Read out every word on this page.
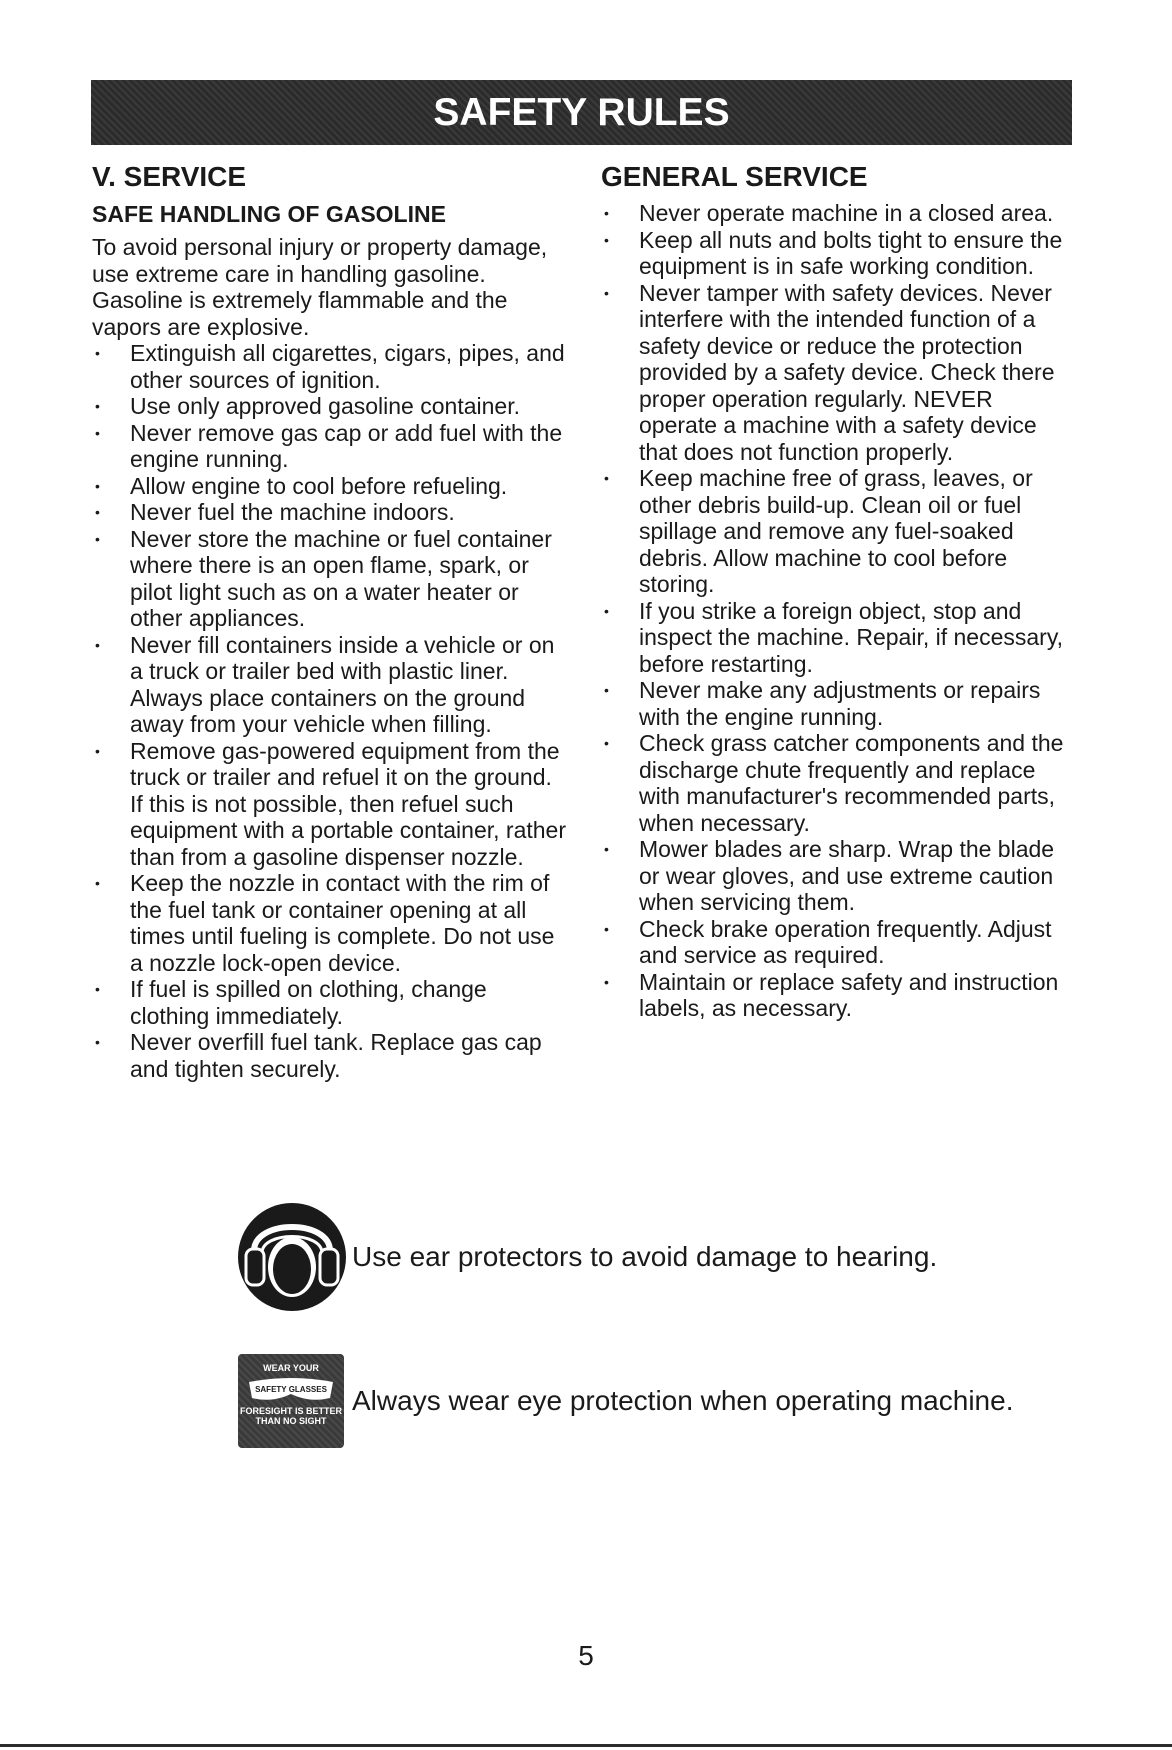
SAFETY RULES
V. SERVICE
SAFE HANDLING OF GASOLINE

To avoid personal injury or property damage, use extreme care in handling gasoline. Gasoline is extremely flammable and the vapors are explosive.

• Extinguish all cigarettes, cigars, pipes, and other sources of ignition.
• Use only approved gasoline container.
• Never remove gas cap or add fuel with the engine running.
• Allow engine to cool before refueling.
• Never fuel the machine indoors.
• Never store the machine or fuel container where there is an open flame, spark, or pilot light such as on a water heater or other appliances.
• Never fill containers inside a vehicle or on a truck or trailer bed with plastic liner. Always place containers on the ground away from your vehicle when filling.
• Remove gas-powered equipment from the truck or trailer and refuel it on the ground. If this is not possible, then refuel such equipment with a portable container, rather than from a gasoline dispenser nozzle.
• Keep the nozzle in contact with the rim of the fuel tank or container opening at all times until fueling is complete. Do not use a nozzle lock-open device.
• If fuel is spilled on clothing, change clothing immediately.
• Never overfill fuel tank. Replace gas cap and tighten securely.
GENERAL SERVICE
• Never operate machine in a closed area.
• Keep all nuts and bolts tight to ensure the equipment is in safe working condition.
• Never tamper with safety devices. Never interfere with the intended function of a safety device or reduce the protection provided by a safety device. Check there proper operation regularly. NEVER operate a machine with a safety device that does not function properly.
• Keep machine free of grass, leaves, or other debris build-up. Clean oil or fuel spillage and remove any fuel-soaked debris. Allow machine to cool before storing.
• If you strike a foreign object, stop and inspect the machine. Repair, if necessary, before restarting.
• Never make any adjustments or repairs with the engine running.
• Check grass catcher components and the discharge chute frequently and replace with manufacturer's recommended parts, when necessary.
• Mower blades are sharp. Wrap the blade or wear gloves, and use extreme caution when servicing them.
• Check brake operation frequently. Adjust and service as required.
• Maintain or replace safety and instruction labels, as necessary.
Use ear protectors to avoid damage to hearing.
WEAR YOUR
SAFETY GLASSES
FORESIGHT IS BETTER
THAN NO SIGHT
Always wear eye protection when operating machine.
5
